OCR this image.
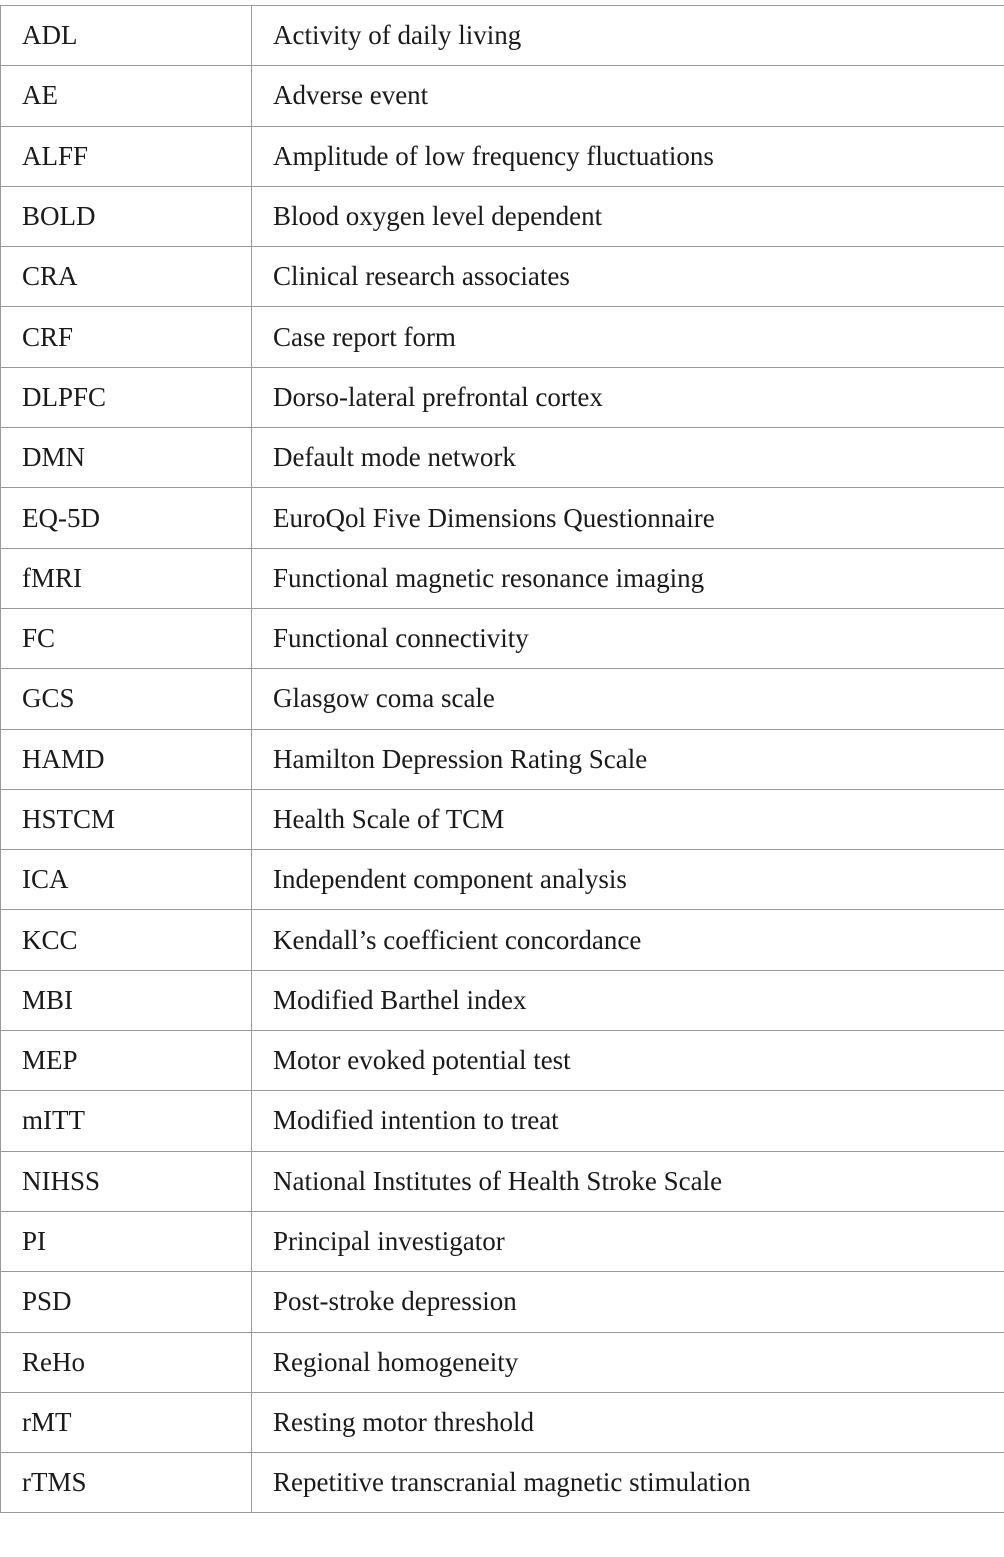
ADL	Activity of daily living
AE	Adverse event
ALFF	Amplitude of low frequency fluctuations
BOLD	Blood oxygen level dependent
CRA	Clinical research associates
CRF	Case report form
DLPFC	Dorso-lateral prefrontal cortex
DMN	Default mode network
EQ-5D	EuroQol Five Dimensions Questionnaire
fMRI	Functional magnetic resonance imaging
FC	Functional connectivity
GCS	Glasgow coma scale
HAMD	Hamilton Depression Rating Scale
HSTCM	Health Scale of TCM
ICA	Independent component analysis
KCC	Kendall’s coefficient concordance
MBI	Modified Barthel index
MEP	Motor evoked potential test
mITT	Modified intention to treat
NIHSS	National Institutes of Health Stroke Scale
PI	Principal investigator
PSD	Post-stroke depression
ReHo	Regional homogeneity
rMT	Resting motor threshold
rTMS	Repetitive transcranial magnetic stimulation
